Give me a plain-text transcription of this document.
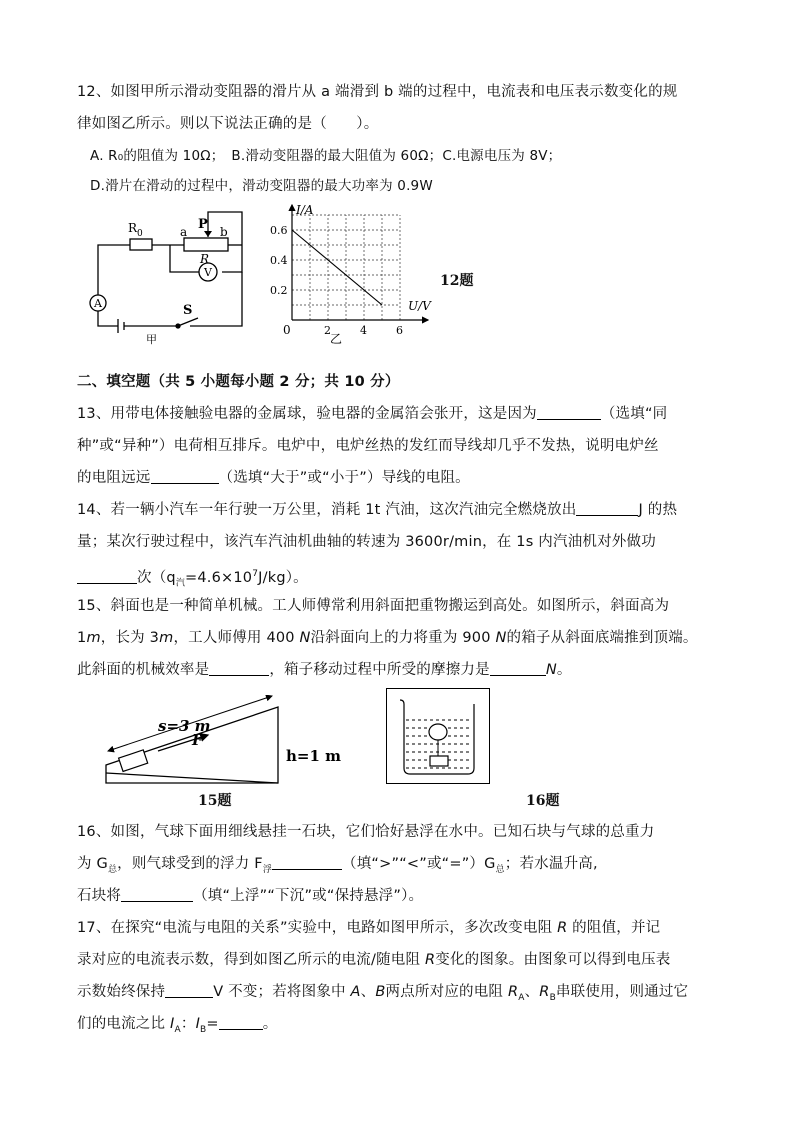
12、如图甲所示滑动变阻器的滑片从 a 端滑到 b 端的过程中，电流表和电压表示数变化的规
律如图乙所示。则以下说法正确的是（　　）。
A. R₀的阻值为 10Ω；　B.滑动变阻器的最大阻值为 60Ω；C.电源电压为 8V；
D.滑片在滑动的过程中，滑动变阻器的最大功率为 0.9W
R 0
P
a	b
R
V
A	S
甲
I/A
U/V
0
0.6
0.4
0.2
2	4	6
乙
12题
二、填空题（共 5 小题每小题 2 分；共 10 分）
13、用带电体接触验电器的金属球，验电器的金属箔会张开，这是因为	（选填“同
种”或“异种”）电荷相互排斥。电炉中，电炉丝热的发红而导线却几乎不发热，说明电炉丝
的电阻远远	（选填“大于”或“小于”）导线的电阻。
14、若一辆小汽车一年行驶一万公里，消耗 1t 汽油，这次汽油完全燃烧放出	J 的热
量；某次行驶过程中，该汽车汽油机曲轴的转速为 3600r/min，在 1s 内汽油机对外做功
次$(q_汽=4.6\times 10^7J/kg)$。
15、斜面也是一种简单机械。工人师傅常利用斜面把重物搬运到高处。如图所示，斜面高为
1m，长为 3m，工人师傅用 400 N沿斜面向上的力将重为 900 N的箱子从斜面底端推到顶端。
此斜面的机械效率是	，箱子移动过程中所受的摩擦力是	N。
s=3 m
F
h=1 m
15题	16题
16、如图，气球下面用细线悬挂一石块，它们恰好悬浮在水中。已知石块与气球的总重力
为 $G_总$，则气球受到的浮力 $F_浮$	（填“>”“<”或“$=”)G_总$；若水温升高,
石块将	（填“上浮”“下沉”或“保持悬浮”）。
17、在探究“电流与电阻的关系”实验中，电路如图甲所示，多次改变电阻 R 的阻值，并记
录对应的电流表示数，得到如图乙所示的电流/随电阻 R变化的图象。由图象可以得到电压表
示数始终保持	V 不变；若将图象中 A、B两点所对应的电阻 $R_A$、$R_B$串联使用，则通过它
们的电流之比 $I_A$：$I_B=$	。
